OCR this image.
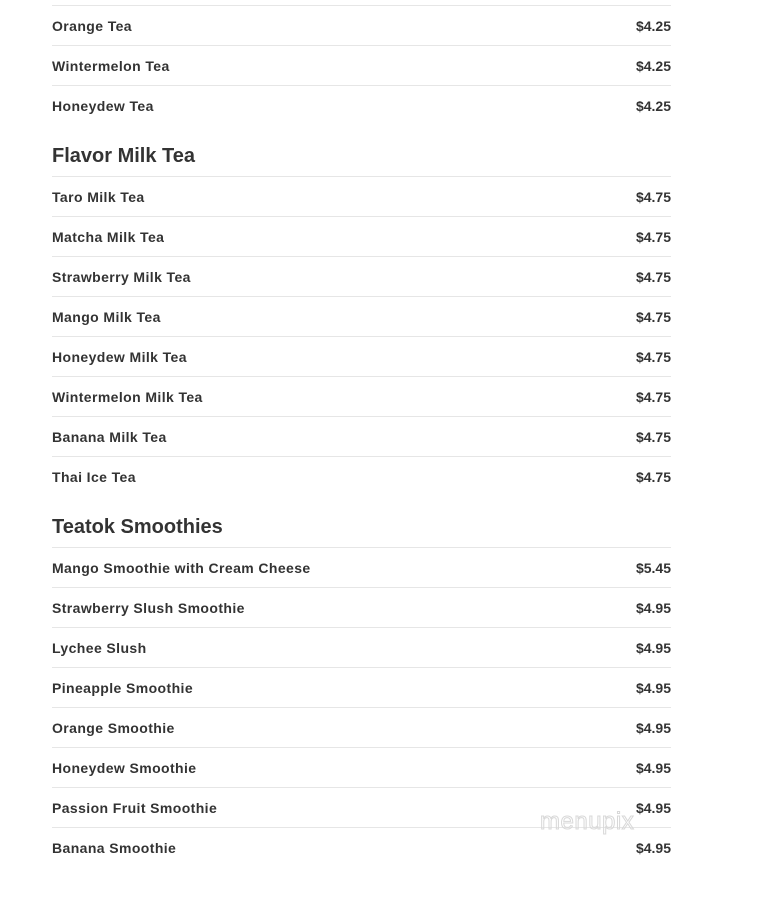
Orange Tea	$4.25
Wintermelon Tea	$4.25
Honeydew Tea	$4.25
Flavor Milk Tea
Taro Milk Tea	$4.75
Matcha Milk Tea	$4.75
Strawberry Milk Tea	$4.75
Mango Milk Tea	$4.75
Honeydew Milk Tea	$4.75
Wintermelon Milk Tea	$4.75
Banana Milk Tea	$4.75
Thai Ice Tea	$4.75
Teatok Smoothies
Mango Smoothie with Cream Cheese	$5.45
Strawberry Slush Smoothie	$4.95
Lychee Slush	$4.95
Pineapple Smoothie	$4.95
Orange Smoothie	$4.95
Honeydew Smoothie	$4.95
Passion Fruit Smoothie	$4.95
Banana Smoothie	$4.95
menupix
